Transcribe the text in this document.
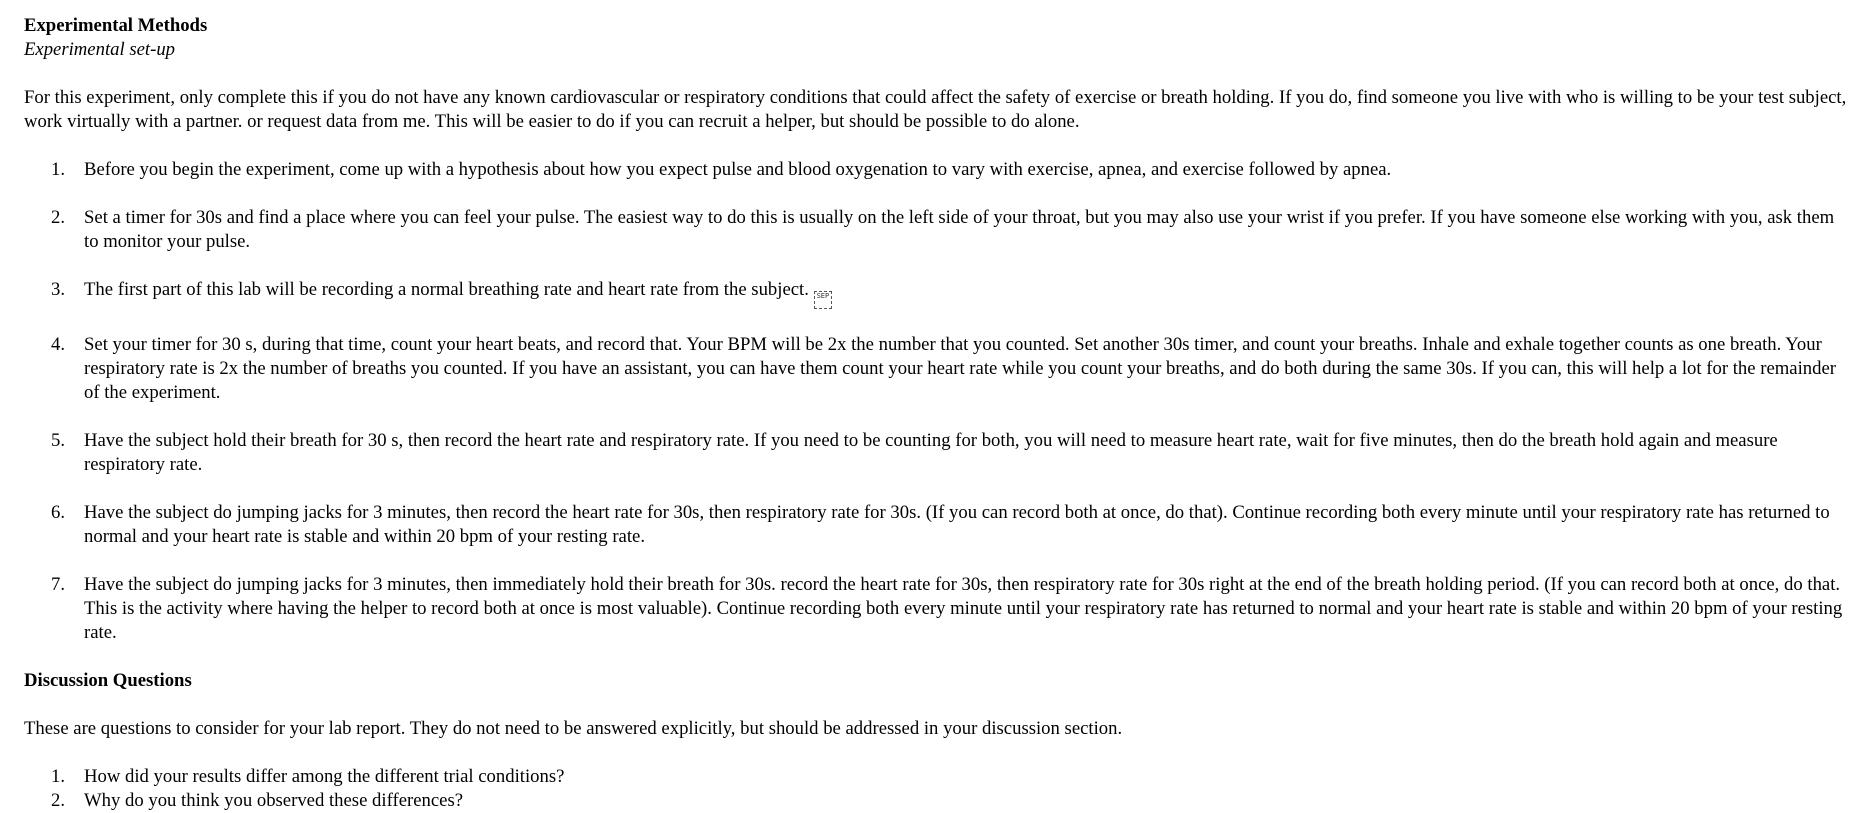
Experimental Methods

Experimental set-up

For this experiment, only complete this if you do not have any known cardiovascular or respiratory conditions that could affect the safety of exercise or breath holding. If you do, find someone you live with who is willing to be your test subject, work virtually with a partner. or request data from me. This will be easier to do if you can recruit a helper, but should be possible to do alone.

1. Before you begin the experiment, come up with a hypothesis about how you expect pulse and blood oxygenation to vary with exercise, apnea, and exercise followed by apnea.
2. Set a timer for 30s and find a place where you can feel your pulse. The easiest way to do this is usually on the left side of your throat, but you may also use your wrist if you prefer. If you have someone else working with you, ask them to monitor your pulse.
3. The first part of this lab will be recording a normal breathing rate and heart rate from the subject. SEP
4. Set your timer for 30 s, during that time, count your heart beats, and record that. Your BPM will be 2x the number that you counted. Set another 30s timer, and count your breaths. Inhale and exhale together counts as one breath. Your respiratory rate is 2x the number of breaths you counted. If you have an assistant, you can have them count your heart rate while you count your breaths, and do both during the same 30s. If you can, this will help a lot for the remainder of the experiment.
5. Have the subject hold their breath for 30 s, then record the heart rate and respiratory rate. If you need to be counting for both, you will need to measure heart rate, wait for five minutes, then do the breath hold again and measure respiratory rate.
6. Have the subject do jumping jacks for 3 minutes, then record the heart rate for 30s, then respiratory rate for 30s. (If you can record both at once, do that). Continue recording both every minute until your respiratory rate has returned to normal and your heart rate is stable and within 20 bpm of your resting rate.
7. Have the subject do jumping jacks for 3 minutes, then immediately hold their breath for 30s. record the heart rate for 30s, then respiratory rate for 30s right at the end of the breath holding period. (If you can record both at once, do that. This is the activity where having the helper to record both at once is most valuable). Continue recording both every minute until your respiratory rate has returned to normal and your heart rate is stable and within 20 bpm of your resting rate.

Discussion Questions

These are questions to consider for your lab report. They do not need to be answered explicitly, but should be addressed in your discussion section.

1. How did your results differ among the different trial conditions?
2. Why do you think you observed these differences?
